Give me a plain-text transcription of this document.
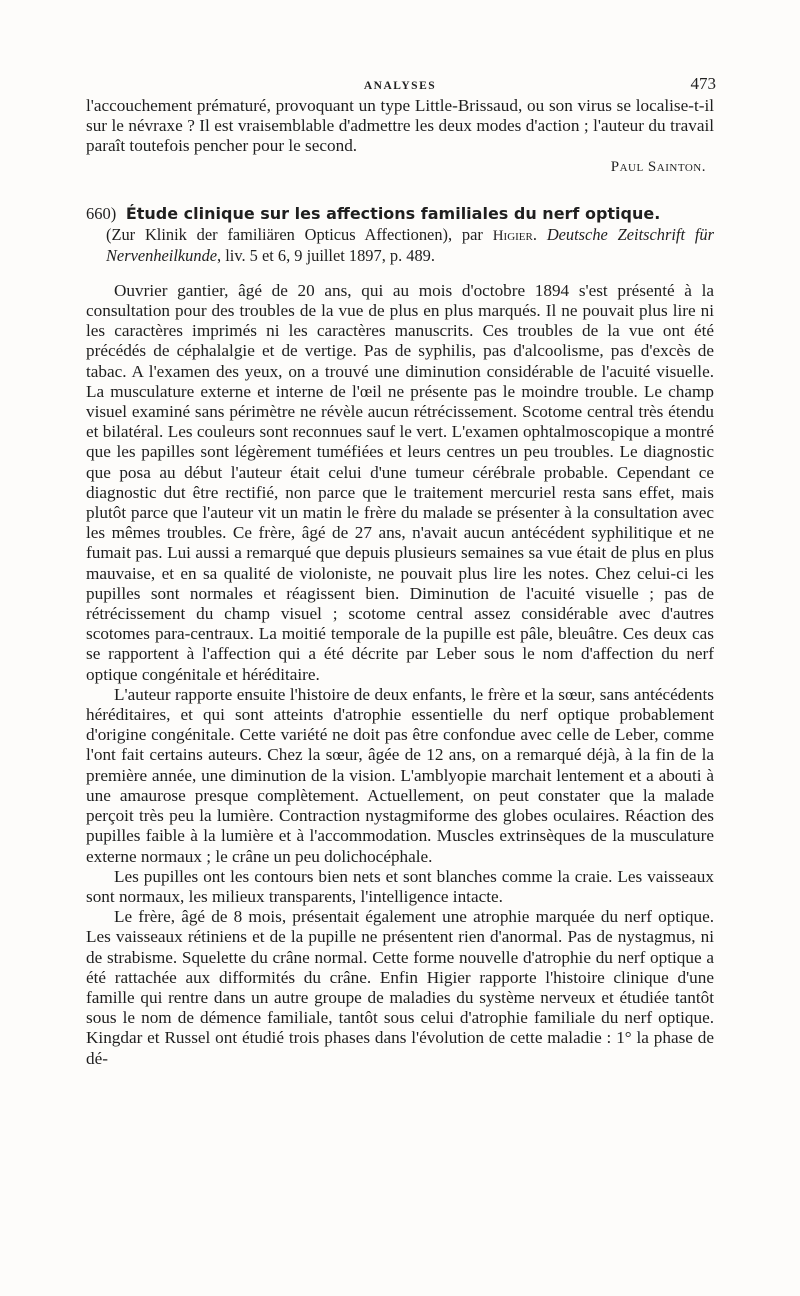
ANALYSES	473

l'accouchement prématuré, provoquant un type Little-Brissaud, ou son virus se localise-t-il sur le névraxe ? Il est vraisemblable d'admettre les deux modes d'action ; l'auteur du travail paraît toutefois pencher pour le second.

Paul Sainton.

660) Étude clinique sur les affections familiales du nerf optique.
(Zur Klinik der familiären Opticus Affectionen), par Higier. Deutsche Zeitschrift für Nervenheilkunde, liv. 5 et 6, 9 juillet 1897, p. 489.

Ouvrier gantier, âgé de 20 ans, qui au mois d'octobre 1894 s'est présenté à la consultation pour des troubles de la vue de plus en plus marqués. Il ne pouvait plus lire ni les caractères imprimés ni les caractères manuscrits. Ces troubles de la vue ont été précédés de céphalalgie et de vertige. Pas de syphilis, pas d'alcoolisme, pas d'excès de tabac. A l'examen des yeux, on a trouvé une diminution considérable de l'acuité visuelle. La musculature externe et interne de l'œil ne présente pas le moindre trouble. Le champ visuel examiné sans périmètre ne révèle aucun rétrécissement. Scotome central très étendu et bilatéral. Les couleurs sont reconnues sauf le vert. L'examen ophtalmoscopique a montré que les papilles sont légèrement tuméfiées et leurs centres un peu troubles. Le diagnostic que posa au début l'auteur était celui d'une tumeur cérébrale probable. Cependant ce diagnostic dut être rectifié, non parce que le traitement mercuriel resta sans effet, mais plutôt parce que l'auteur vit un matin le frère du malade se présenter à la consultation avec les mêmes troubles. Ce frère, âgé de 27 ans, n'avait aucun antécédent syphilitique et ne fumait pas. Lui aussi a remarqué que depuis plusieurs semaines sa vue était de plus en plus mauvaise, et en sa qualité de violoniste, ne pouvait plus lire les notes. Chez celui-ci les pupilles sont normales et réagissent bien. Diminution de l'acuité visuelle ; pas de rétrécissement du champ visuel ; scotome central assez considérable avec d'autres scotomes para-centraux. La moitié temporale de la pupille est pâle, bleuâtre. Ces deux cas se rapportent à l'affection qui a été décrite par Leber sous le nom d'affection du nerf optique congénitale et héréditaire.

L'auteur rapporte ensuite l'histoire de deux enfants, le frère et la sœur, sans antécédents héréditaires, et qui sont atteints d'atrophie essentielle du nerf optique probablement d'origine congénitale. Cette variété ne doit pas être confondue avec celle de Leber, comme l'ont fait certains auteurs. Chez la sœur, âgée de 12 ans, on a remarqué déjà, à la fin de la première année, une diminution de la vision. L'amblyopie marchait lentement et a abouti à une amaurose presque complètement. Actuellement, on peut constater que la malade perçoit très peu la lumière. Contraction nystagmiforme des globes oculaires. Réaction des pupilles faible à la lumière et à l'accommodation. Muscles extrinsèques de la musculature externe normaux ; le crâne un peu dolichocéphale.

Les pupilles ont les contours bien nets et sont blanches comme la craie. Les vaisseaux sont normaux, les milieux transparents, l'intelligence intacte.

Le frère, âgé de 8 mois, présentait également une atrophie marquée du nerf optique. Les vaisseaux rétiniens et de la pupille ne présentent rien d'anormal. Pas de nystagmus, ni de strabisme. Squelette du crâne normal. Cette forme nouvelle d'atrophie du nerf optique a été rattachée aux difformités du crâne. Enfin Higier rapporte l'histoire clinique d'une famille qui rentre dans un autre groupe de maladies du système nerveux et étudiée tantôt sous le nom de démence familiale, tantôt sous celui d'atrophie familiale du nerf optique. Kingdar et Russel ont étudié trois phases dans l'évolution de cette maladie : 1° la phase de dé-
